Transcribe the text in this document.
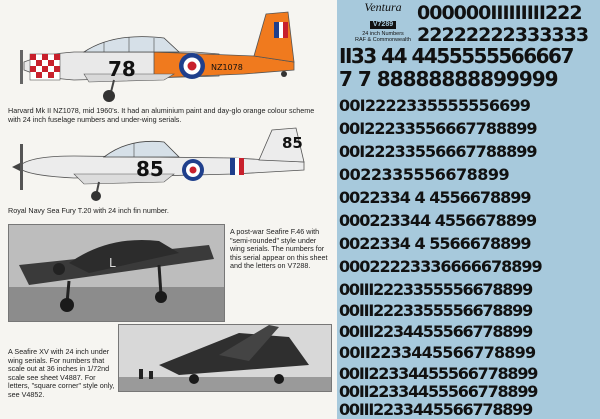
78	NZ1078
Harvard Mk II NZ1078, mid 1960's. It had an aluminium paint and day-glo orange colour scheme with 24 inch fuselage numbers and under-wing serials.
85
85
Royal Navy Sea Fury T.20 with 24 inch fin number.
L
A post-war Seafire F.46 with "semi-rounded" style under wing serials. The numbers for this serial appear on this sheet and the letters on V7288.
A Seafire XV with 24 inch under wing serials. For numbers that scale out at 36 inches in 1/72nd scale see sheet V4887. For letters, "square corner" style only, see V4852.
Ventura
V7289
24 inch Numbers
RAF & Commonwealth
000000IIIIIIIII222
22222222333333
II33 44 4455555566667
7 7 88888888899999
00I2222335555556699
00I22233556667788899
00I22233556667788899
0022335556678899
0022334 4 4556678899
000223344 4556678899
0022334 4 5566678899
00022223336666678899
00III2223355556678899
00III2223355556678899
00III2234455566778899
00II2233445566778899
00II22334455566778899
00II22334455566778899
00III2233445566778899
